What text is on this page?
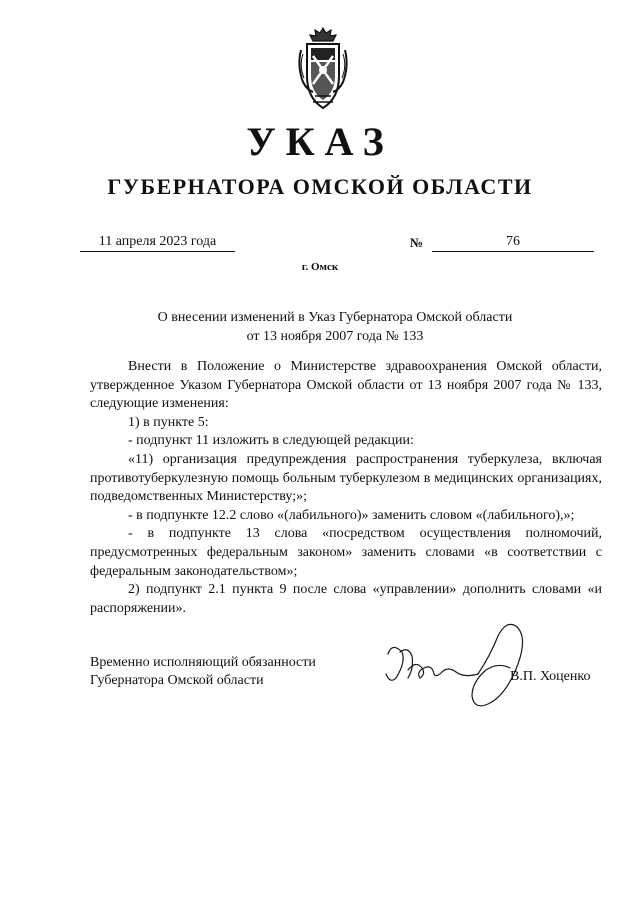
УКАЗ
ГУБЕРНАТОРА ОМСКОЙ ОБЛАСТИ
11 апреля 2023 года	№	76
г. Омск
О внесении изменений в Указ Губернатора Омской области
от 13 ноября 2007 года № 133

Внести в Положение о Министерстве здравоохранения Омской области, утвержденное Указом Губернатора Омской области от 13 ноября 2007 года № 133, следующие изменения:

1) в пункте 5:

- подпункт 11 изложить в следующей редакции:

«11) организация предупреждения распространения туберкулеза, включая противотуберкулезную помощь больным туберкулезом в медицинских организациях, подведомственных Министерству;»;

- в подпункте 12.2 слово «(лабильного)» заменить словом «(лабильного),»;

- в подпункте 13 слова «посредством осуществления полномочий, предусмотренных федеральным законом» заменить словами «в соответствии с федеральным законодательством»;

2) подпункт 2.1 пункта 9 после слова «управлении» дополнить словами «и распоряжении».

Временно исполняющий обязанности
Губернатора Омской области	В.П. Хоценко
